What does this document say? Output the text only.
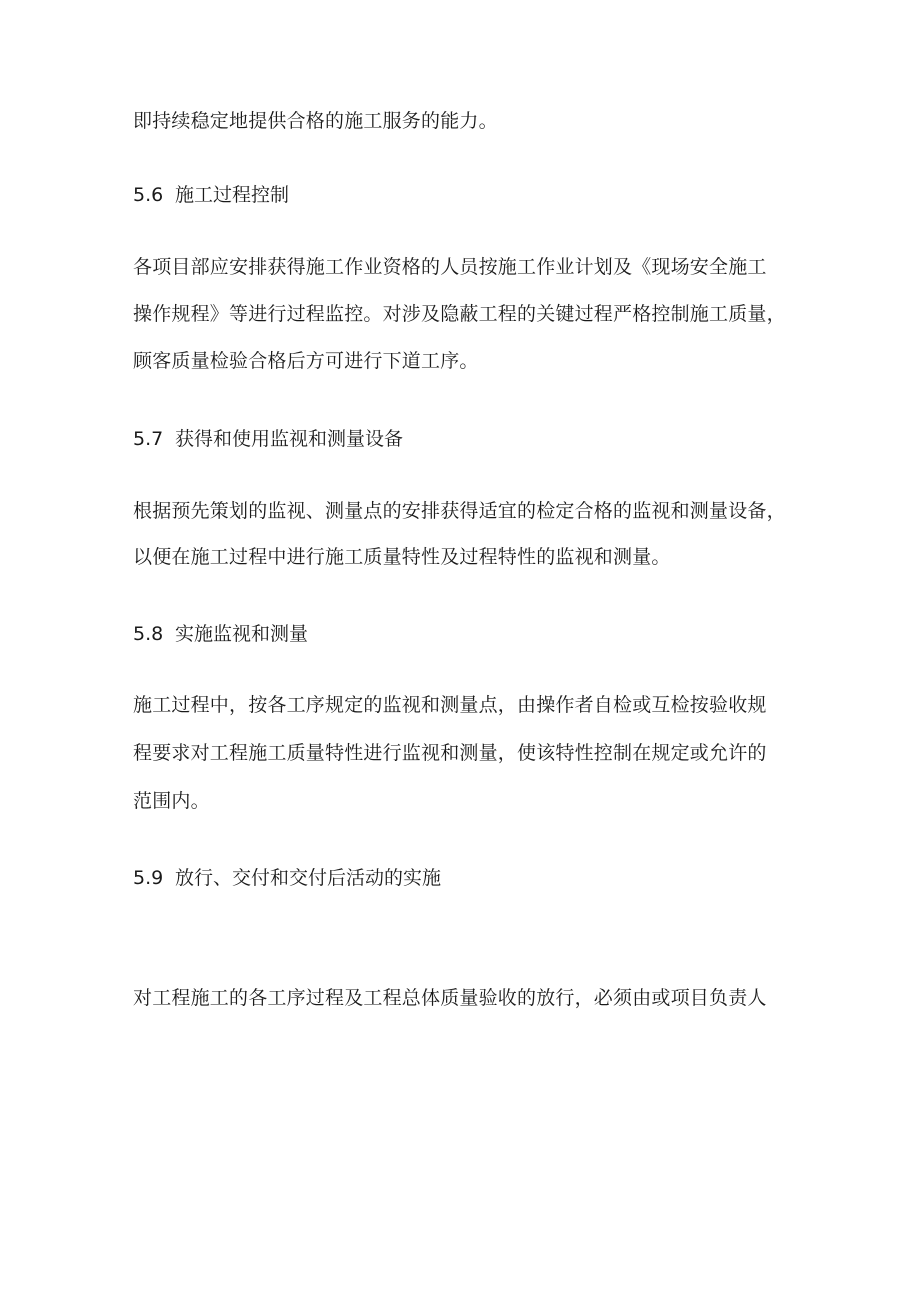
即持续稳定地提供合格的施工服务的能力。
5.6 施工过程控制
各项目部应安排获得施工作业资格的人员按施工作业计划及《现场安全施工
操作规程》等进行过程监控。对涉及隐蔽工程的关键过程严格控制施工质量，
顾客质量检验合格后方可进行下道工序。
5.7 获得和使用监视和测量设备
根据预先策划的监视、测量点的安排获得适宜的检定合格的监视和测量设备，
以便在施工过程中进行施工质量特性及过程特性的监视和测量。
5.8 实施监视和测量
施工过程中，按各工序规定的监视和测量点，由操作者自检或互检按验收规
程要求对工程施工质量特性进行监视和测量，使该特性控制在规定或允许的
范围内。
5.9 放行、交付和交付后活动的实施
对工程施工的各工序过程及工程总体质量验收的放行，必须由或项目负责人
